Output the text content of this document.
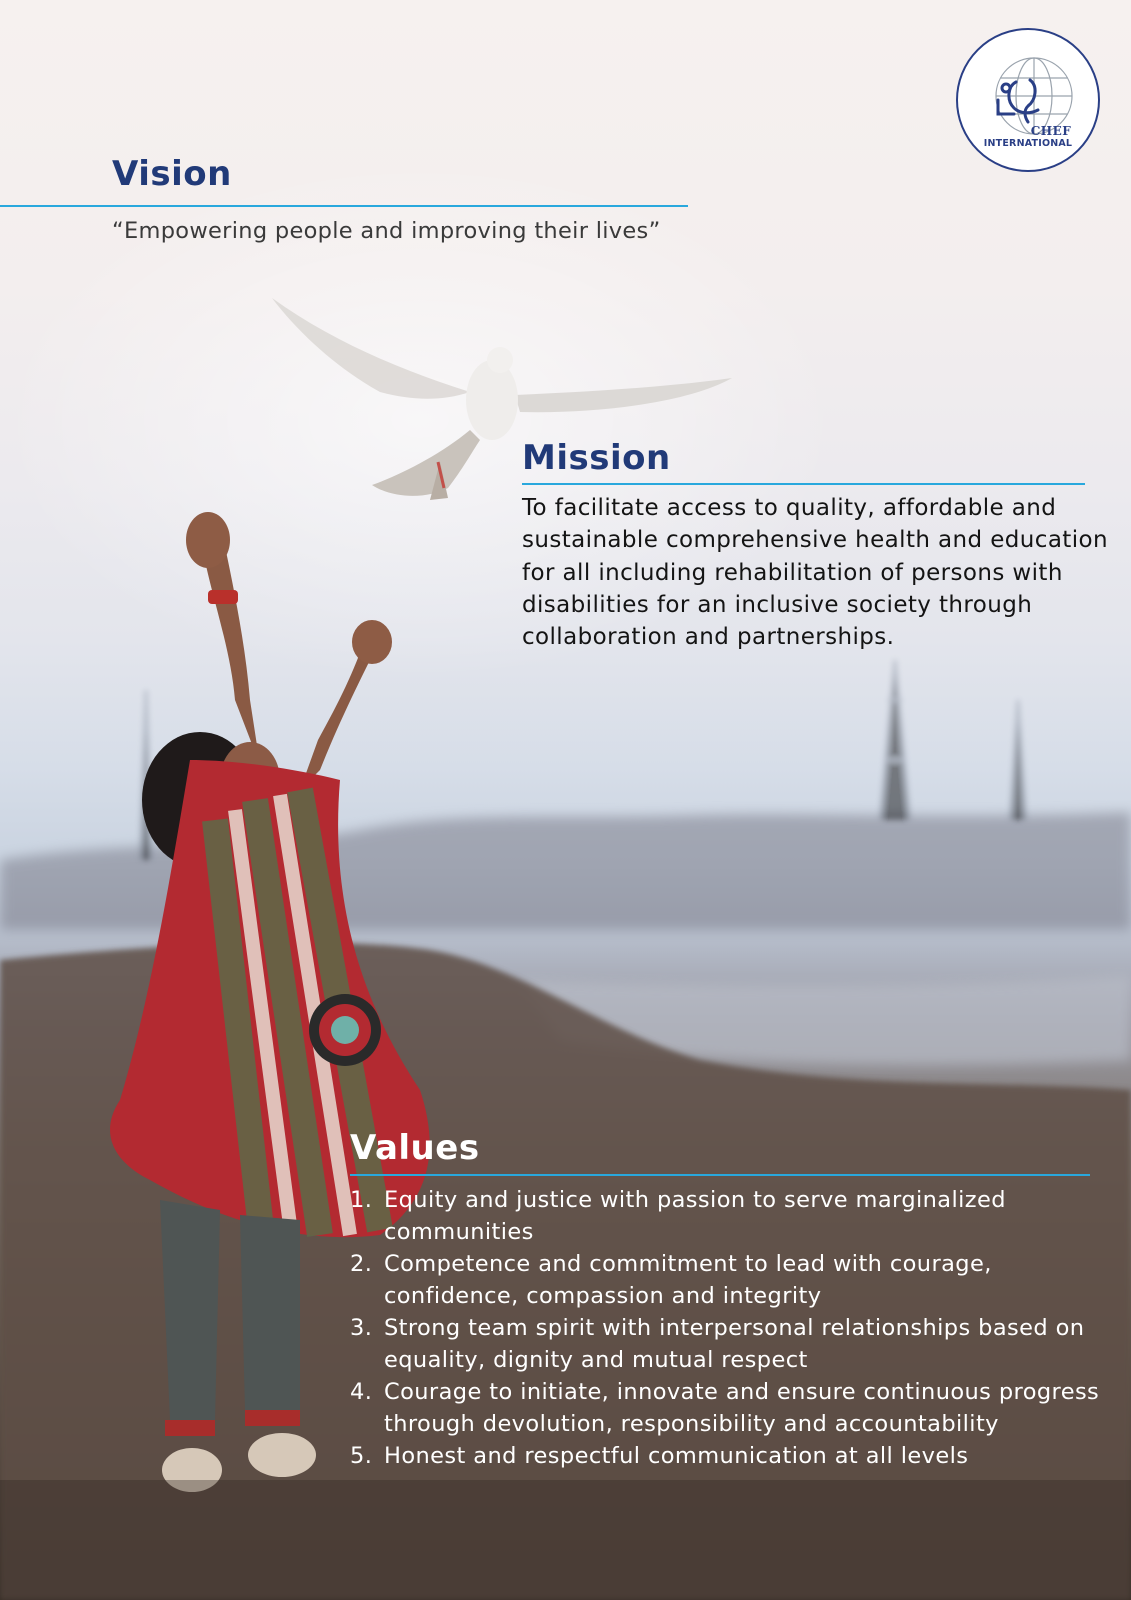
CHEF
INTERNATIONAL
Vision
“Empowering people and improving their lives”
Mission

To facilitate access to quality, affordable and sustainable comprehensive health and education for all including rehabilitation of persons with disabilities for an inclusive society through collaboration and partnerships.

Values
1. Equity and justice with passion to serve marginalized communities
2. Competence and commitment to lead with courage, confidence, compassion and integrity
3. Strong team spirit with interpersonal relationships based on equality, dignity and mutual respect
4. Courage to initiate, innovate and ensure continuous progress through devolution, responsibility and accountability
5. Honest and respectful communication at all levels
